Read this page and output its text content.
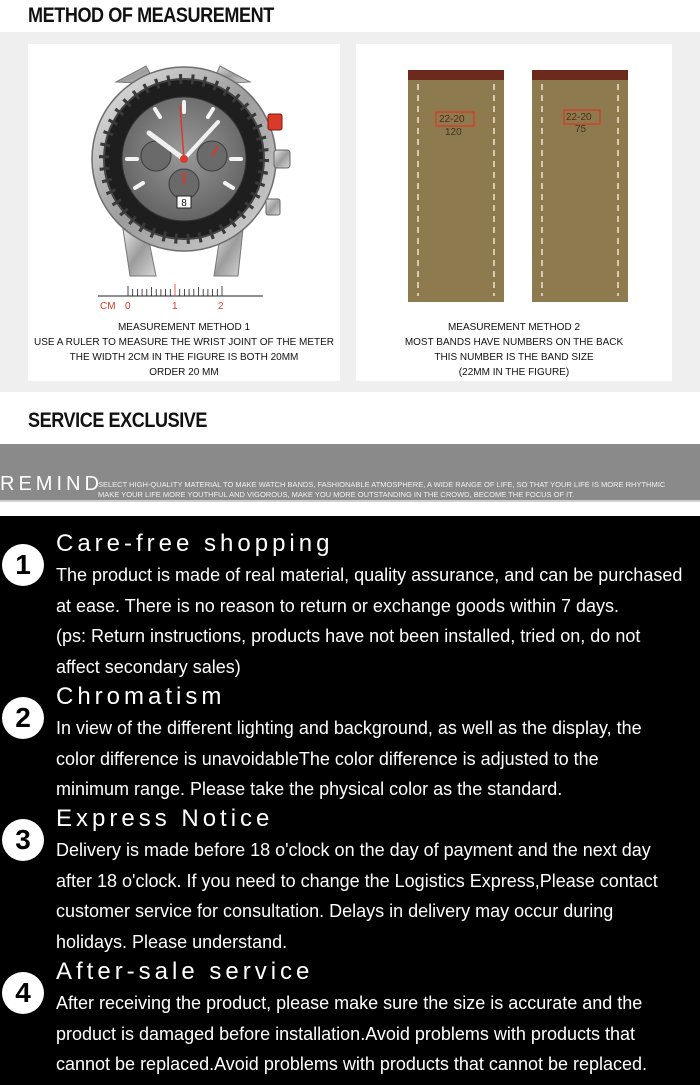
METHOD OF MEASUREMENT
8
CM 0	1	2
MEASUREMENT METHOD 1
USE A RULER TO MEASURE THE WRIST JOINT OF THE METER
THE WIDTH 2CM IN THE FIGURE IS BOTH 20MM
ORDER 20 MM
22-20
120
22-20
75
MEASUREMENT METHOD 2
MOST BANDS HAVE NUMBERS ON THE BACK
THIS NUMBER IS THE BAND SIZE
(22MM IN THE FIGURE)
SERVICE EXCLUSIVE
REMIND
SELECT HIGH-QUALITY MATERIAL TO MAKE WATCH BANDS, FASHIONABLE ATMOSPHERE, A WIDE RANGE OF LIFE, SO THAT YOUR LIFE IS MORE RHYTHMIC
MAKE YOUR LIFE MORE YOUTHFUL AND VIGOROUS, MAKE YOU MORE OUTSTANDING IN THE CROWD, BECOME THE FOCUS OF IT.
1
Care-free shopping
The product is made of real material, quality assurance, and can be purchased
at ease. There is no reason to return or exchange goods within 7 days.
(ps: Return instructions, products have not been installed, tried on, do not
affect secondary sales)
2
Chromatism
In view of the different lighting and background, as well as the display, the
color difference is unavoidableThe color difference is adjusted to the
minimum range. Please take the physical color as the standard.
3
Express Notice
Delivery is made before 18 o'clock on the day of payment and the next day
after 18 o'clock. If you need to change the Logistics Express,Please contact
customer service for consultation. Delays in delivery may occur during
holidays. Please understand.
4
After-sale service
After receiving the product, please make sure the size is accurate and the
product is damaged before installation.Avoid problems with products that
cannot be replaced.Avoid problems with products that cannot be replaced.
